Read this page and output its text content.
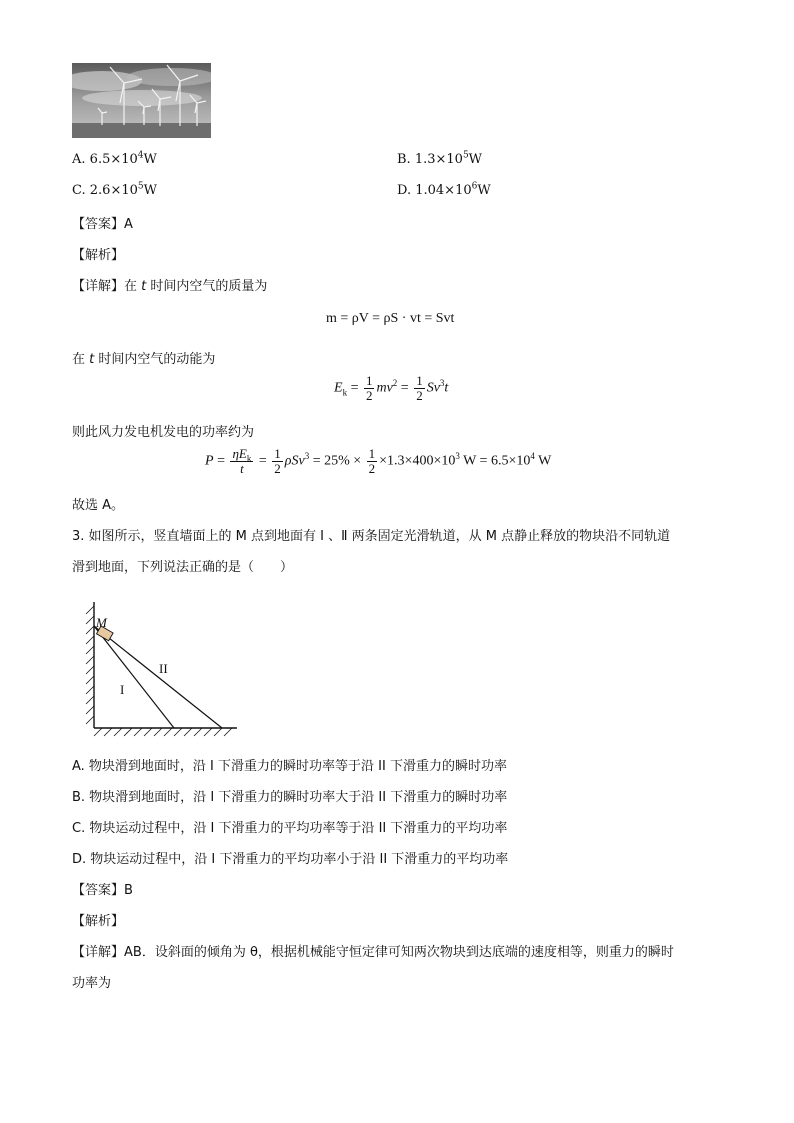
A. $6.5\times 10^4W$	B. $1.3\times 10^5W$
C. $2.6\times 10^5W$	D. $1.04\times 10^6W$
【答案】A
【解析】
【详解】在 t 时间内空气的质量为
m = ρV = ρS · vt = Svt
在 t 时间内空气的动能为
$E_k = \frac{1}{2} mv^2 = \frac{1}{2} Sv^3t$
则此风力发电机发电的功率约为
$P = \frac{\eta E_k}{t} = \frac{1}{2} \rho Sv^3 = 25\% \times \frac{1}{2} \times 1.3\times 400\times 10^3$ $W = 6.5\times 10^4$ W
故选 A。
3. 如图所示，竖直墙面上的 M 点到地面有 Ⅰ 、Ⅱ 两条固定光滑轨道，从 M 点静止释放的物块沿不同轨道
滑到地面，下列说法正确的是（　　）
M
I
II
A. 物块滑到地面时，沿 I 下滑重力的瞬时功率等于沿 II 下滑重力的瞬时功率
B. 物块滑到地面时，沿 I 下滑重力的瞬时功率大于沿 II 下滑重力的瞬时功率
C. 物块运动过程中，沿 I 下滑重力的平均功率等于沿 II 下滑重力的平均功率
D. 物块运动过程中，沿 I 下滑重力的平均功率小于沿 II 下滑重力的平均功率
【答案】B
【解析】
【详解】AB．设斜面的倾角为 θ，根据机械能守恒定律可知两次物块到达底端的速度相等，则重力的瞬时
功率为
